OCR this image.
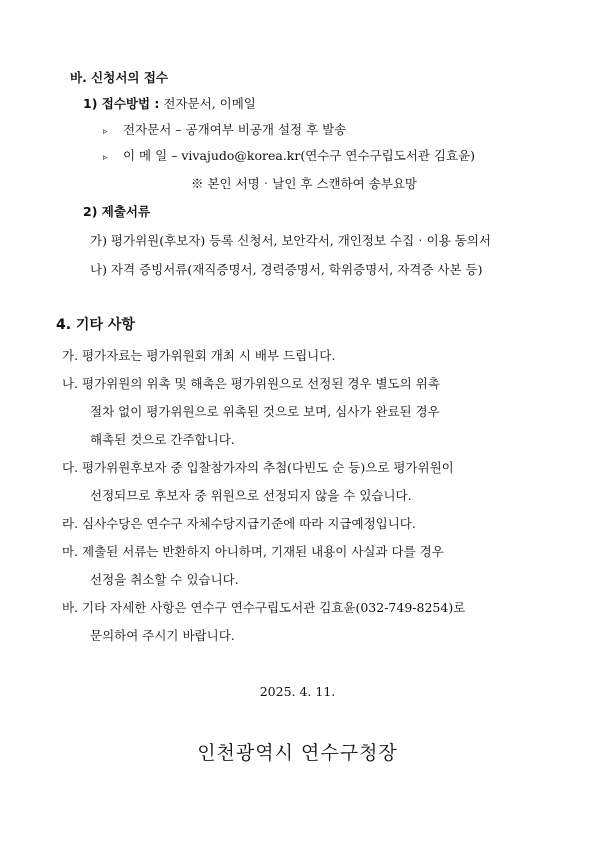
바. 신청서의 접수
1) 접수방법 : 전자문서, 이메일
▹ 전자문서 – 공개여부 비공개 설정 후 발송
▹ 이 메 일 – vivajudo@korea.kr(연수구 연수구립도서관 김효윤)
※ 본인 서명‧날인 후 스캔하여 송부요망
2) 제출서류
가) 평가위원(후보자) 등록 신청서, 보안각서, 개인정보 수집‧이용 동의서
나) 자격 증빙서류(재직증명서, 경력증명서, 학위증명서, 자격증 사본 등)
4. 기타 사항
가. 평가자료는 평가위원회 개최 시 배부 드립니다.
나. 평가위원의 위촉 및 해촉은 평가위원으로 선정된 경우 별도의 위촉
절차 없이 평가위원으로 위촉된 것으로 보며, 심사가 완료된 경우
해촉된 것으로 간주합니다.
다. 평가위원후보자 중 입찰참가자의 추첨(다빈도 순 등)으로 평가위원이
선정되므로 후보자 중 위원으로 선정되지 않을 수 있습니다.
라. 심사수당은 연수구 자체수당지급기준에 따라 지급예정입니다.
마. 제출된 서류는 반환하지 아니하며, 기재된 내용이 사실과 다를 경우
선정을 취소할 수 있습니다.
바. 기타 자세한 사항은 연수구 연수구립도서관 김효윤(032-749-8254)로
문의하여 주시기 바랍니다.
2025. 4. 11.
인천광역시 연수구청장
